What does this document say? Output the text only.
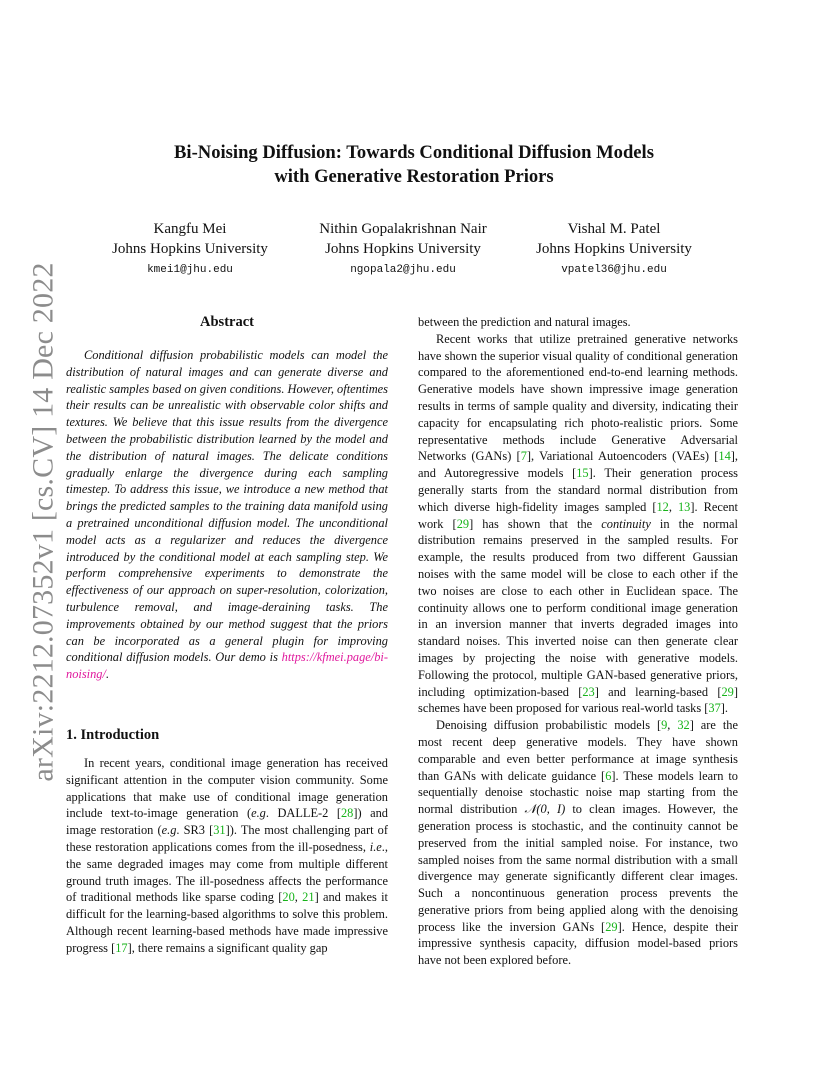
arXiv:2212.07352v1 [cs.CV] 14 Dec 2022
Bi-Noising Diffusion: Towards Conditional Diffusion Models
with Generative Restoration Priors
Kangfu Mei
Johns Hopkins University
kmei1@jhu.edu
Nithin Gopalakrishnan Nair
Johns Hopkins University
ngopala2@jhu.edu
Vishal M. Patel
Johns Hopkins University
vpatel36@jhu.edu
Abstract

Conditional diffusion probabilistic models can model the distribution of natural images and can generate diverse and realistic samples based on given conditions. However, oftentimes their results can be unrealistic with observable color shifts and textures. We believe that this issue results from the divergence between the probabilistic distribution learned by the model and the distribution of natural images. The delicate conditions gradually enlarge the divergence during each sampling timestep. To address this issue, we introduce a new method that brings the predicted samples to the training data manifold using a pretrained unconditional diffusion model. The unconditional model acts as a regularizer and reduces the divergence introduced by the conditional model at each sampling step. We perform comprehensive experiments to demonstrate the effectiveness of our approach on super-resolution, colorization, turbulence removal, and image-deraining tasks. The improvements obtained by our method suggest that the priors can be incorporated as a general plugin for improving conditional diffusion models. Our demo is https://kfmei.page/bi-noising/.

1. Introduction

In recent years, conditional image generation has received significant attention in the computer vision community. Some applications that make use of conditional image generation include text-to-image generation (e.g. DALLE-2 [28]) and image restoration (e.g. SR3 [31]). The most challenging part of these restoration applications comes from the ill-posedness, i.e., the same degraded images may come from multiple different ground truth images. The ill-posedness affects the performance of traditional methods like sparse coding [20, 21] and makes it difficult for the learning-based algorithms to solve this problem. Although recent learning-based methods have made impressive progress [17], there remains a significant quality gap

between the prediction and natural images.

Recent works that utilize pretrained generative networks have shown the superior visual quality of conditional generation compared to the aforementioned end-to-end learning methods. Generative models have shown impressive image generation results in terms of sample quality and diversity, indicating their capacity for encapsulating rich photo-realistic priors. Some representative methods include Generative Adversarial Networks (GANs) [7], Variational Autoencoders (VAEs) [14], and Autoregressive models [15]. Their generation process generally starts from the standard normal distribution from which diverse high-fidelity images sampled [12, 13]. Recent work [29] has shown that the continuity in the normal distribution remains preserved in the sampled results. For example, the results produced from two different Gaussian noises with the same model will be close to each other if the two noises are close to each other in Euclidean space. The continuity allows one to perform conditional image generation in an inversion manner that inverts degraded images into standard noises. This inverted noise can then generate clear images by projecting the noise with generative models. Following the protocol, multiple GAN-based generative priors, including optimization-based [23] and learning-based [29] schemes have been proposed for various real-world tasks [37].

Denoising diffusion probabilistic models [9, 32] are the most recent deep generative models. They have shown comparable and even better performance at image synthesis than GANs with delicate guidance [6]. These models learn to sequentially denoise stochastic noise map starting from the normal distribution 𝒩(0, I) to clean images. However, the generation process is stochastic, and the continuity cannot be preserved from the initial sampled noise. For instance, two sampled noises from the same normal distribution with a small divergence may generate significantly different clear images. Such a noncontinuous generation process prevents the generative priors from being applied along with the denoising process like the inversion GANs [29]. Hence, despite their impressive synthesis capacity, diffusion model-based priors have not been explored before.
